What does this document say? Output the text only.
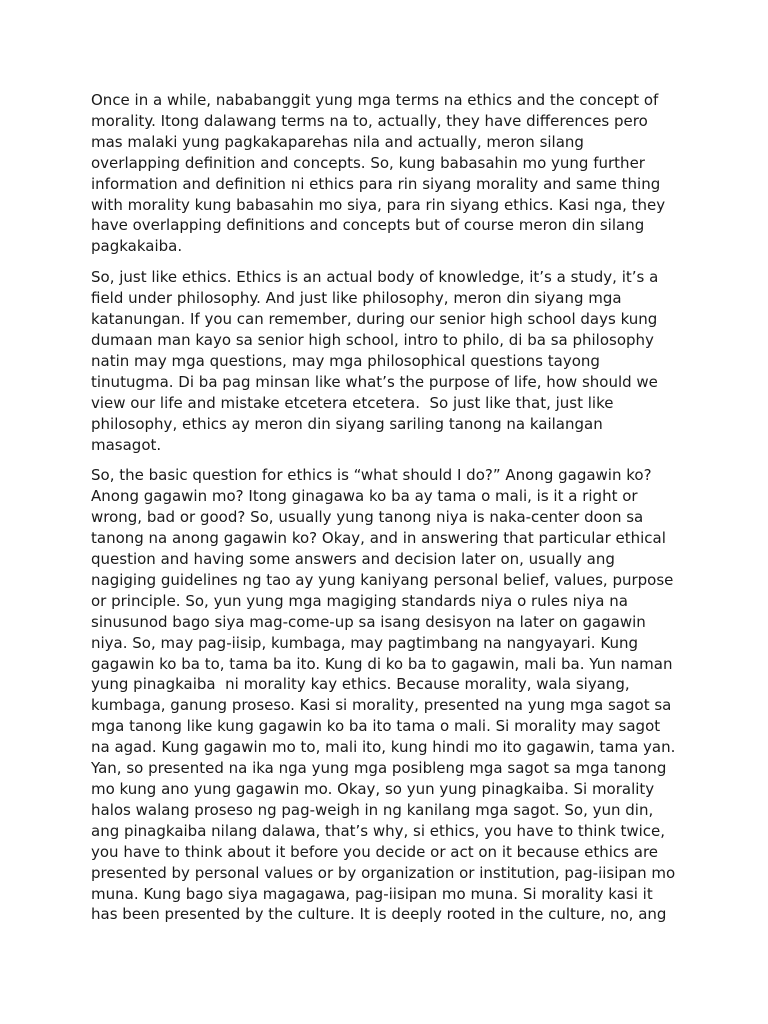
Once in a while, nababanggit yung mga terms na ethics and the concept of
morality. Itong dalawang terms na to, actually, they have differences pero
mas malaki yung pagkakaparehas nila and actually, meron silang
overlapping definition and concepts. So, kung babasahin mo yung further
information and definition ni ethics para rin siyang morality and same thing
with morality kung babasahin mo siya, para rin siyang ethics. Kasi nga, they
have overlapping definitions and concepts but of course meron din silang
pagkakaiba.

So, just like ethics. Ethics is an actual body of knowledge, it’s a study, it’s a
field under philosophy. And just like philosophy, meron din siyang mga
katanungan. If you can remember, during our senior high school days kung
dumaan man kayo sa senior high school, intro to philo, di ba sa philosophy
natin may mga questions, may mga philosophical questions tayong
tinutugma. Di ba pag minsan like what’s the purpose of life, how should we
view our life and mistake etcetera etcetera.  So just like that, just like
philosophy, ethics ay meron din siyang sariling tanong na kailangan
masagot.

So, the basic question for ethics is “what should I do?” Anong gagawin ko?
Anong gagawin mo? Itong ginagawa ko ba ay tama o mali, is it a right or
wrong, bad or good? So, usually yung tanong niya is naka-center doon sa
tanong na anong gagawin ko? Okay, and in answering that particular ethical
question and having some answers and decision later on, usually ang
nagiging guidelines ng tao ay yung kaniyang personal belief, values, purpose
or principle. So, yun yung mga magiging standards niya o rules niya na
sinusunod bago siya mag-come-up sa isang desisyon na later on gagawin
niya. So, may pag-iisip, kumbaga, may pagtimbang na nangyayari. Kung
gagawin ko ba to, tama ba ito. Kung di ko ba to gagawin, mali ba. Yun naman
yung pinagkaiba  ni morality kay ethics. Because morality, wala siyang,
kumbaga, ganung proseso. Kasi si morality, presented na yung mga sagot sa
mga tanong like kung gagawin ko ba ito tama o mali. Si morality may sagot
na agad. Kung gagawin mo to, mali ito, kung hindi mo ito gagawin, tama yan.
Yan, so presented na ika nga yung mga posibleng mga sagot sa mga tanong
mo kung ano yung gagawin mo. Okay, so yun yung pinagkaiba. Si morality
halos walang proseso ng pag-weigh in ng kanilang mga sagot. So, yun din,
ang pinagkaiba nilang dalawa, that’s why, si ethics, you have to think twice,
you have to think about it before you decide or act on it because ethics are
presented by personal values or by organization or institution, pag-iisipan mo
muna. Kung bago siya magagawa, pag-iisipan mo muna. Si morality kasi it
has been presented by the culture. It is deeply rooted in the culture, no, ang
